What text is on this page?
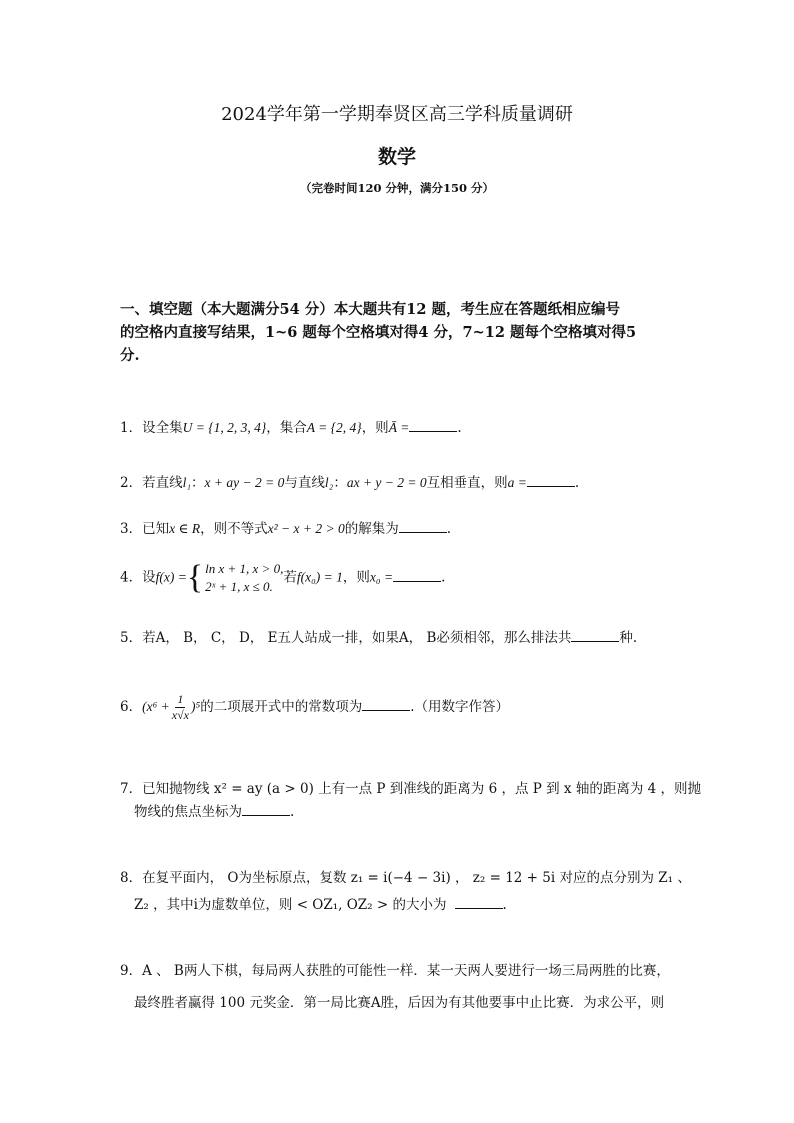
2024学年第一学期奉贤区高三学科质量调研
数学
（完卷时间120 分钟，满分150 分）
一、填空题（本大题满分54 分）本大题共有12 题，考生应在答题纸相应编号
的空格内直接写结果，1~6 题每个空格填对得4 分，7~12 题每个空格填对得5
分.
1．设全集U = {1, 2, 3, 4}，集合A = {2, 4}，则Ā =	.
2．若直线l₁：x + ay − 2 = 0与直线l₂：ax + y − 2 = 0互相垂直，则a =	.
3．已知x ∈ R，则不等式x² − x + 2 > 0的解集为	.
4．设f(x) = { ln x + 1, x > 0,
2ˣ + 1, x ≤ 0.
若f(x₀) = 1，则x₀ =	.
5．若A， B， C， D， E五人站成一排，如果A， B必须相邻，那么排法共	种.
6．$(x^6 + \frac{1}{x√x} )^5$的二项展开式中的常数项为	.（用数字作答）
7．已知抛物线 x² = ay (a > 0) 上有一点 P 到准线的距离为 6 ，点 P 到 x 轴的距离为 4 ，则抛
物线的焦点坐标为	.
8．在复平面内， O为坐标原点，复数 z₁ = i(−4 − 3i) ， z₂ = 12 + 5i 对应的点分别为 Z₁ 、
Z₂ ，其中i为虚数单位，则 < OZ₁, OZ₂ > 的大小为	.
9．A 、 B两人下棋，每局两人获胜的可能性一样．某一天两人要进行一场三局两胜的比赛，
最终胜者赢得 100 元奖金．第一局比赛A胜，后因为有其他要事中止比赛．为求公平，则
